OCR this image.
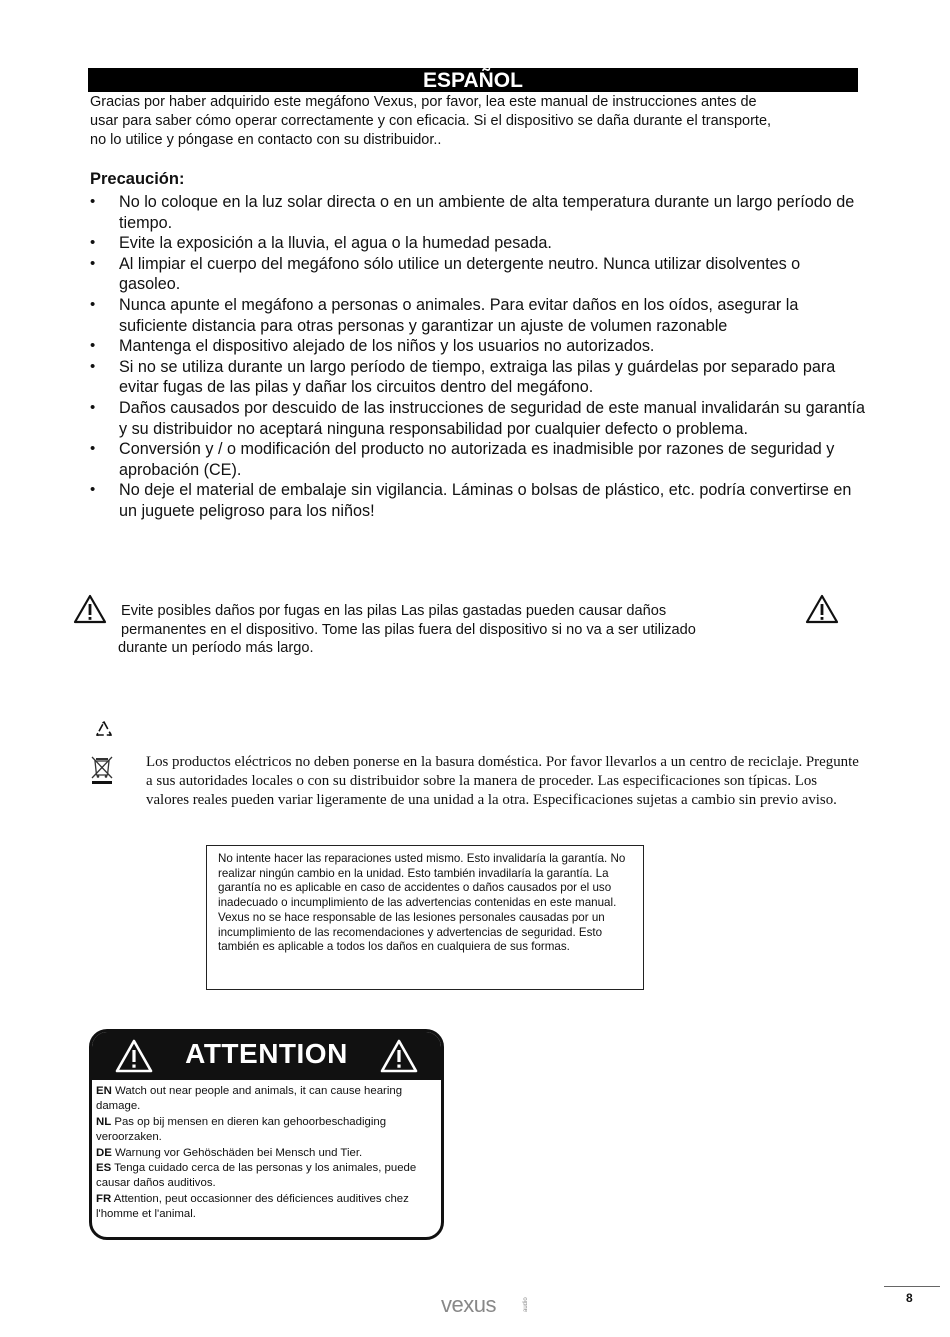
ESPAÑOL

Gracias por haber adquirido este megáfono Vexus, por favor, lea este manual de instrucciones antes de
usar para saber cómo operar correctamente y con eficacia. Si el dispositivo se daña durante el transporte,
no lo utilice y póngase en contacto con su distribuidor..

Precaución:
• No lo coloque en la luz solar directa o en un ambiente de alta temperatura durante un largo período de tiempo.
• Evite la exposición a la lluvia, el agua o la humedad pesada.
• Al limpiar el cuerpo del megáfono sólo utilice un detergente neutro. Nunca utilizar disolventes o gasoleo.
• Nunca apunte el megáfono a personas o animales. Para evitar daños en los oídos, asegurar la suficiente distancia para otras personas y garantizar un ajuste de volumen razonable
• Mantenga el dispositivo alejado de los niños y los usuarios no autorizados.
• Si no se utiliza durante un largo período de tiempo, extraiga las pilas y guárdelas por separado para evitar fugas de las pilas y dañar los circuitos dentro del megáfono.
• Daños causados por descuido de las instrucciones de seguridad de este manual invalidarán su garantía y su distribuidor no aceptará ninguna responsabilidad por cualquier defecto o problema.
• Conversión y / o modificación del producto no autorizada es inadmisible por razones de seguridad y aprobación (CE).
• No deje el material de embalaje sin vigilancia. Láminas o bolsas de plástico, etc. podría convertirse en un juguete peligroso para los niños!

Evite posibles daños por fugas en las pilas Las pilas gastadas pueden causar daños
permanentes en el dispositivo. Tome las pilas fuera del dispositivo si no va a ser utilizado
durante un período más largo.

Los productos eléctricos no deben ponerse en la basura doméstica. Por favor llevarlos a un centro de reciclaje. Pregunte a sus autoridades locales o con su distribuidor sobre la manera de proceder. Las especificaciones son típicas. Los valores reales pueden variar ligeramente de una unidad a la otra. Especificaciones sujetas a cambio sin previo aviso.

No intente hacer las reparaciones usted mismo. Esto invalidaría la garantía. No realizar ningún cambio en la unidad. Esto también invadilaría la garantía. La garantía no es aplicable en caso de accidentes o daños causados por el uso inadecuado o incumplimiento de las advertencias contenidas en este manual. Vexus no se hace responsable de las lesiones personales causadas por un incumplimiento de las recomendaciones y advertencias de seguridad. Esto también es aplicable a todos los daños en cualquiera de sus formas.
ATTENTION

EN Watch out near people and animals, it can cause hearing damage.

NL Pas op bij mensen en dieren kan gehoorbeschadiging veroorzaken.

DE Warnung vor Gehöschäden bei Mensch und Tier.

ES Tenga cuidado cerca de las personas y los animales, puede causar daños auditivos.

FR Attention, peut occasionner des déficiences auditives chez l'homme et l'animal.

vexus	audio	8
